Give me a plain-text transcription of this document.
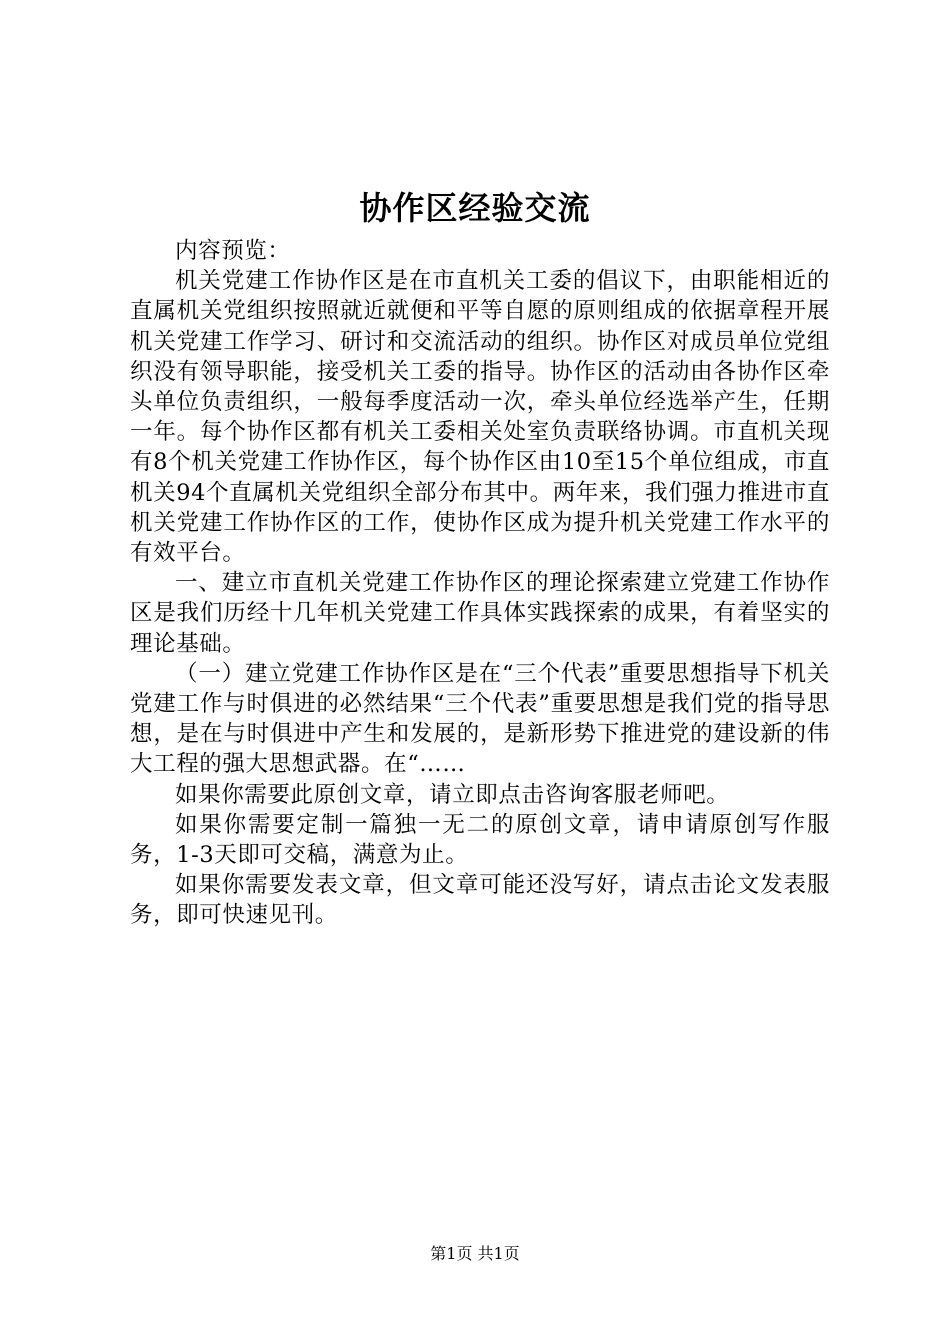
协作区经验交流

内容预览：

机关党建工作协作区是在市直机关工委的倡议下，由职能相近的直属机关党组织按照就近就便和平等自愿的原则组成的依据章程开展机关党建工作学习、研讨和交流活动的组织。协作区对成员单位党组织没有领导职能，接受机关工委的指导。协作区的活动由各协作区牵头单位负责组织，一般每季度活动一次，牵头单位经选举产生，任期一年。每个协作区都有机关工委相关处室负责联络协调。市直机关现有8个机关党建工作协作区，每个协作区由10至15个单位组成，市直机关94个直属机关党组织全部分布其中。两年来，我们强力推进市直机关党建工作协作区的工作，使协作区成为提升机关党建工作水平的有效平台。

一、建立市直机关党建工作协作区的理论探索建立党建工作协作区是我们历经十几年机关党建工作具体实践探索的成果，有着坚实的理论基础。

（一）建立党建工作协作区是在“三个代表”重要思想指导下机关党建工作与时俱进的必然结果“三个代表”重要思想是我们党的指导思想，是在与时俱进中产生和发展的，是新形势下推进党的建设新的伟大工程的强大思想武器。在“……

如果你需要此原创文章，请立即点击咨询客服老师吧。

如果你需要定制一篇独一无二的原创文章，请申请原创写作服务，1-3天即可交稿，满意为止。

如果你需要发表文章，但文章可能还没写好，请点击论文发表服务，即可快速见刊。

第1页 共1页
